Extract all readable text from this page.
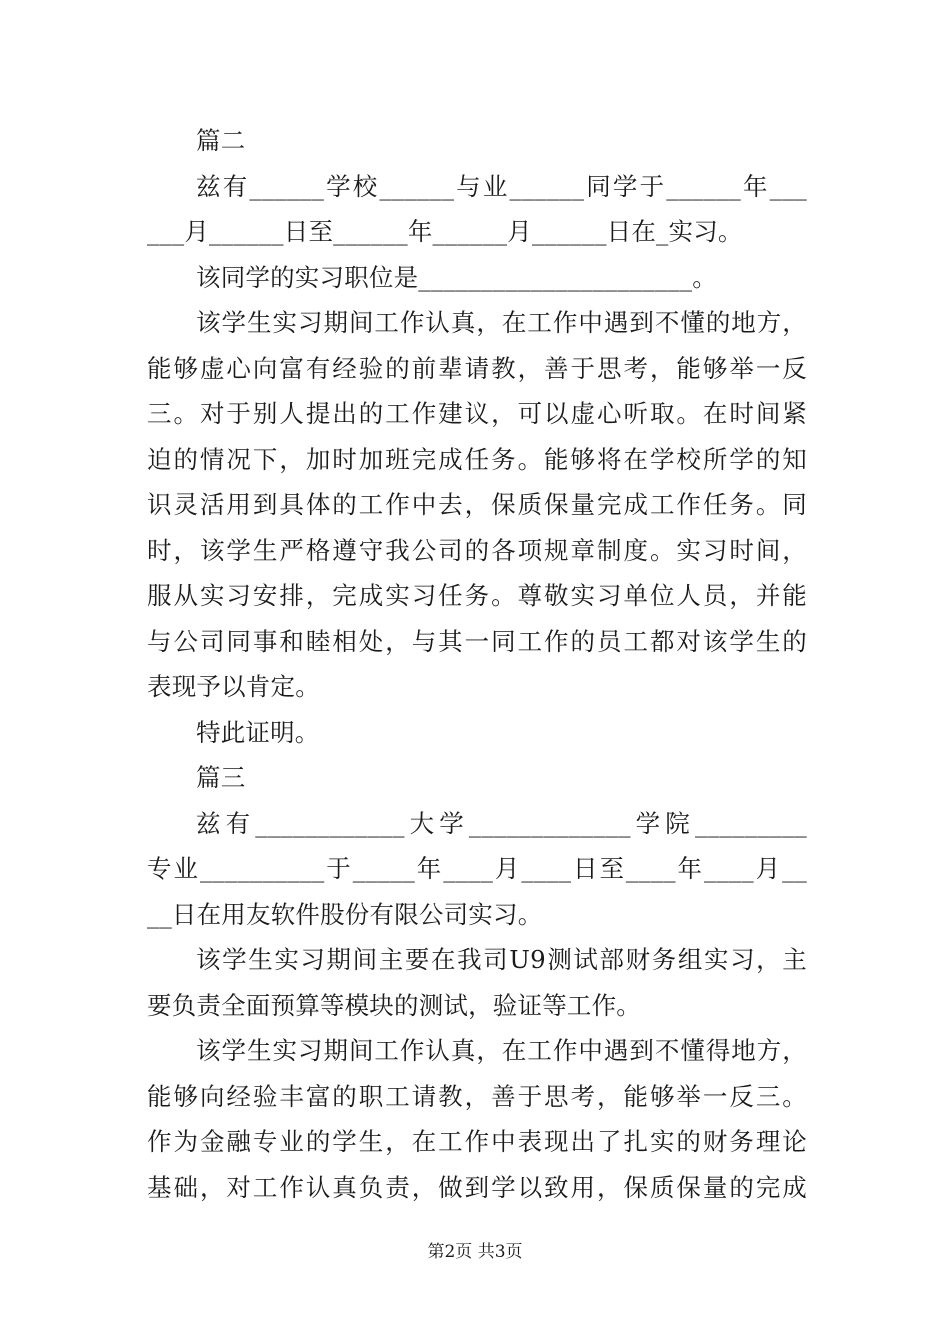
篇二
兹有______学校______与业______同学于______年___
___月______日至______年______月______日在_实习。
该同学的实习职位是______________________。
该学生实习期间工作认真，在工作中遇到不懂的地方，
能够虚心向富有经验的前辈请教，善于思考，能够举一反
三。对于别人提出的工作建议，可以虚心听取。在时间紧
迫的情况下，加时加班完成任务。能够将在学校所学的知
识灵活用到具体的工作中去，保质保量完成工作任务。同
时，该学生严格遵守我公司的各项规章制度。实习时间，
服从实习安排，完成实习任务。尊敬实习单位人员，并能
与公司同事和睦相处，与其一同工作的员工都对该学生的
表现予以肯定。
特此证明。
篇三
兹有____________大学_____________学院_________
专业__________于_____年____月____日至____年____月__
__日在用友软件股份有限公司实习。
该学生实习期间主要在我司U9测试部财务组实习，主
要负责全面预算等模块的测试，验证等工作。
该学生实习期间工作认真，在工作中遇到不懂得地方，
能够向经验丰富的职工请教，善于思考，能够举一反三。
作为金融专业的学生，在工作中表现出了扎实的财务理论
基础，对工作认真负责，做到学以致用，保质保量的完成
第2页 共3页
